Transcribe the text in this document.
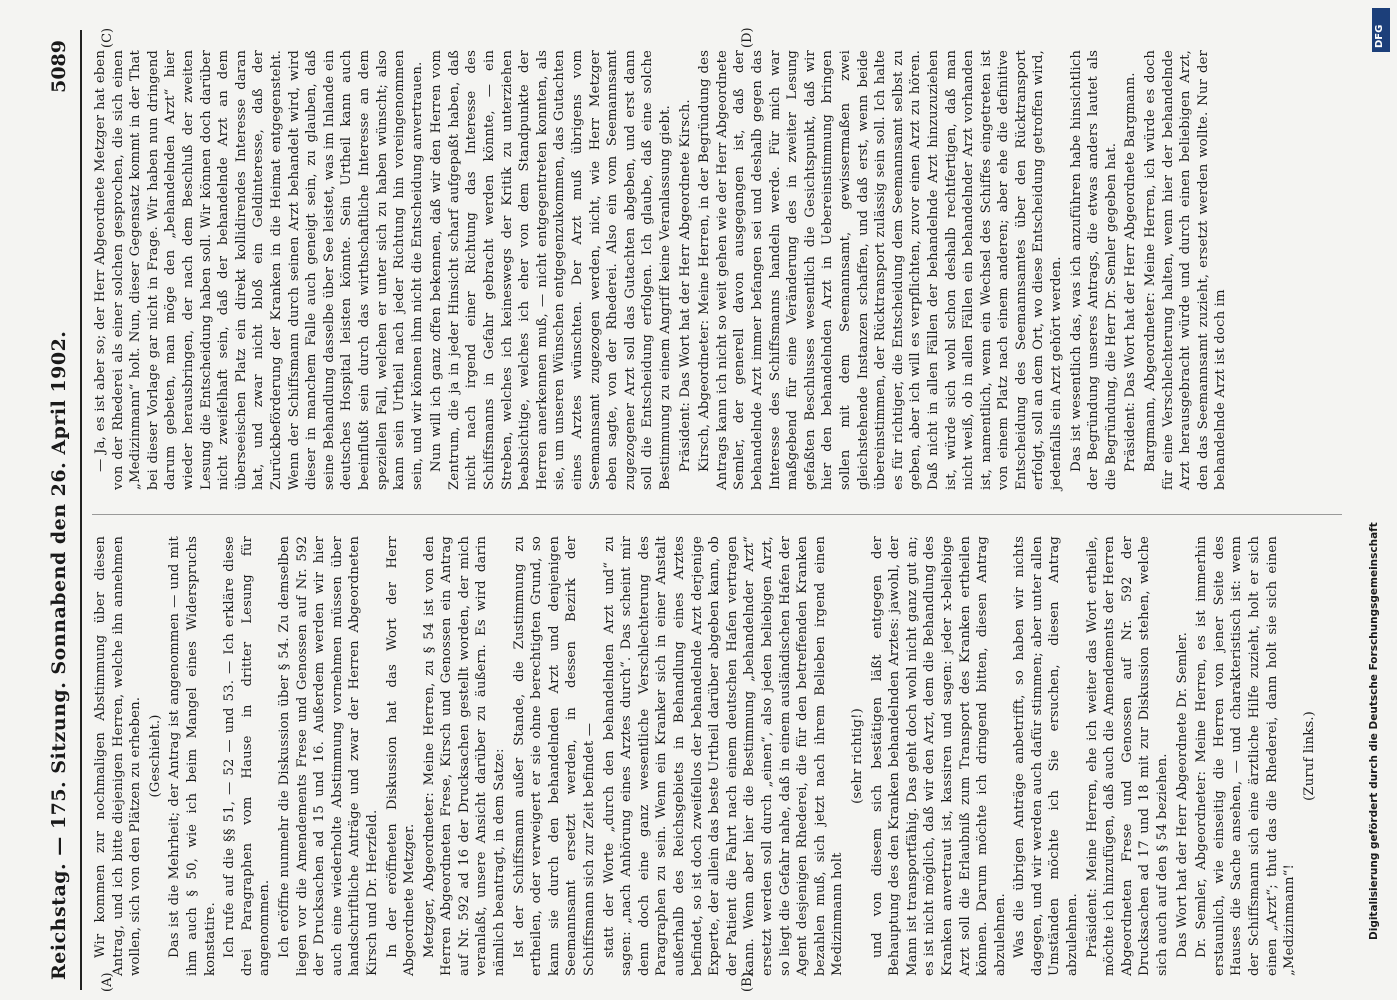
Reichstag. — 175. Sitzung. Sonnabend den 26. April 1902.
5089
(A)	(B)
(C)	(D)

Wir kommen zur nochmaligen Abstimmung über diesen Antrag, und ich bitte diejenigen Herren, welche ihn annehmen wollen, sich von den Plätzen zu erheben. (Geschieht.) Das ist die Mehrheit; der Antrag ist angenommen — und mit ihm auch § 50, wie ich beim Mangel eines Widerspruchs konstatire. Ich rufe auf die §§ 51, — 52 — und 53. — Ich erkläre diese drei Paragraphen vom Hause in dritter Lesung für angenommen. Ich eröffne nunmehr die Diskussion über § 54. Zu demselben liegen vor die Amendements Frese und Genossen auf Nr. 592 der Drucksachen ad 15 und 16. Außerdem werden wir hier auch eine wiederholte Abstimmung vornehmen müssen über handschriftliche Anträge und zwar der Herren Abgeordneten Kirsch und Dr. Herzfeld. In der eröffneten Diskussion hat das Wort der Herr Abgeordnete Metzger. Metzger, Abgeordneter: Meine Herren, zu § 54 ist von den Herren Abgeordneten Frese, Kirsch und Genossen ein Antrag auf Nr. 592 ad 16 der Drucksachen gestellt worden, der mich veranlaßt, unsere Ansicht darüber zu äußern. Es wird darin nämlich beantragt, in dem Satze: Ist der Schiffsmann außer Stande, die Zustimmung zu ertheilen, oder verweigert er sie ohne berechtigten Grund, so kann sie durch den behandelnden Arzt und denjenigen Seemannsamt ersetzt werden, in dessen Bezirk der Schiffsmann sich zur Zeit befindet — statt der Worte „durch den behandelnden Arzt und“ zu sagen: „nach Anhörung eines Arztes durch“. Das scheint mir denn doch eine ganz wesentliche Verschlechterung des Paragraphen zu sein. Wenn ein Kranker sich in einer Anstalt außerhalb des Reichsgebiets in Behandlung eines Arztes befindet, so ist doch zweifellos der behandelnde Arzt derjenige Experte, der allein das beste Urtheil darüber abgeben kann, ob der Patient die Fahrt nach einem deutschen Hafen vertragen kann. Wenn aber hier die Bestimmung „behandelnder Arzt“ ersetzt werden soll durch „einen“, also jeden beliebigen Arzt, so liegt die Gefahr nahe, daß in einem ausländischen Hafen der Agent desjenigen Rhederei, die für den betreffenden Kranken bezahlen muß, sich jetzt nach ihrem Belieben irgend einen Medizinmann holt

(sehr richtig!) und von diesem sich bestätigen läßt entgegen der Behauptung des den Kranken behandelnden Arztes: jawohl, der Mann ist transportfähig. Das geht doch wohl nicht ganz gut an; es ist nicht möglich, daß wir den Arzt, dem die Behandlung des Kranken anvertraut ist, kassiren und sagen: jeder x-beliebige Arzt soll die Erlaubniß zum Transport des Kranken ertheilen können. Darum möchte ich dringend bitten, diesen Antrag abzulehnen. Was die übrigen Anträge anbetrifft, so haben wir nichts dagegen, und wir werden auch dafür stimmen; aber unter allen Umständen möchte ich Sie ersuchen, diesen Antrag abzulehnen. Präsident: Meine Herren, ehe ich weiter das Wort ertheile, möchte ich hinzufügen, daß auch die Amendements der Herren Abgeordneten Frese und Genossen auf Nr. 592 der Drucksachen ad 17 und 18 mit zur Diskussion stehen, welche sich auch auf den § 54 beziehen. Das Wort hat der Herr Abgeordnete Dr. Semler. Dr. Semler, Abgeordneter: Meine Herren, es ist immerhin erstaunlich, wie einseitig die Herren von jener Seite des Hauses die Sache ansehen, — und charakteristisch ist: wenn der Schiffsmann sich eine ärztliche Hilfe zuzieht, holt er sich einen „Arzt“; thut das die Rhederei, dann holt sie sich einen „Medizinmann“!

(Zuruf links.)

— Ja, es ist aber so; der Herr Abgeordnete Metzger hat eben von der Rhederei als einer solchen gesprochen, die sich einen „Medizinmann“ holt. Nun, dieser Gegensatz kommt in der That bei dieser Vorlage gar nicht in Frage. Wir haben nun dringend darum gebeten, man möge den „behandelnden Arzt“ hier wieder herausbringen, der nach dem Beschluß der zweiten Lesung die Entscheidung haben soll. Wir können doch darüber nicht zweifelhaft sein, daß der behandelnde Arzt an dem überseeischen Platz ein direkt kollidirendes Interesse daran hat, und zwar nicht bloß ein Geldinteresse, daß der Zurückbeförderung der Kranken in die Heimat entgegensteht. Wenn der Schiffsmann durch seinen Arzt behandelt wird, wird dieser in manchem Falle auch geneigt sein, zu glauben, daß seine Behandlung dasselbe über See leistet, was im Inlande ein deutsches Hospital leisten könnte. Sein Urtheil kann auch beeinflußt sein durch das wirthschaftliche Interesse an dem speziellen Fall, welchen er unter sich zu haben wünscht; also kann sein Urtheil nach jeder Richtung hin voreingenommen sein, und wir können ihm nicht die Entscheidung anvertrauen. Nun will ich ganz offen bekennen, daß wir den Herren vom Zentrum, die ja in jeder Hinsicht scharf aufgepaßt haben, daß nicht nach irgend einer Richtung das Interesse des Schiffsmanns in Gefahr gebracht werden könnte, — ein Streben, welches ich keineswegs der Kritik zu unterziehen beabsichtige, welches ich eher von dem Standpunkte der Herren anerkennen muß, — nicht entgegentreten konnten, als sie, um unseren Wünschen entgegenzukommen, das Gutachten eines Arztes wünschten. Der Arzt muß übrigens vom Seemannsamt zugezogen werden, nicht, wie Herr Metzger eben sagte, von der Rhederei. Also ein vom Seemannsamt zugezogener Arzt soll das Gutachten abgeben, und erst dann soll die Entscheidung erfolgen. Ich glaube, daß eine solche Bestimmung zu einem Angriff keine Veranlassung giebt. Präsident: Das Wort hat der Herr Abgeordnete Kirsch. Kirsch, Abgeordneter: Meine Herren, in der Begründung des Antrags kann ich nicht so weit gehen wie der Herr Abgeordnete Semler, der generell davon ausgegangen ist, daß der behandelnde Arzt immer befangen sei und deshalb gegen das Interesse des Schiffsmanns handeln werde. Für mich war maßgebend für eine Veränderung des in zweiter Lesung gefaßten Beschlusses wesentlich die Gesichtspunkt, daß wir hier den behandelnden Arzt in Uebereinstimmung bringen sollen mit dem Seemannsamt, gewissermaßen zwei gleichstehende Instanzen schaffen, und daß erst, wenn beide übereinstimmen, der Rücktransport zulässig sein soll. Ich halte es für richtiger, die Entscheidung dem Seemannsamt selbst zu geben, aber ich will es verpflichten, zuvor einen Arzt zu hören. Daß nicht in allen Fällen der behandelnde Arzt hinzuzuziehen ist, würde sich wohl schon deshalb rechtfertigen, daß man nicht weiß, ob in allen Fällen ein behandelnder Arzt vorhanden ist, namentlich, wenn ein Wechsel des Schiffes eingetreten ist von einem Platz nach einem anderen; aber ehe die definitive Entscheidung des Seemannsamtes über den Rücktransport erfolgt, soll an dem Ort, wo diese Entscheidung getroffen wird, jedenfalls ein Arzt gehört werden. Das ist wesentlich das, was ich anzuführen habe hinsichtlich der Begründung unseres Antrags, die etwas anders lautet als die Begründung, die Herr Dr. Semler gegeben hat. Präsident: Das Wort hat der Herr Abgeordnete Bargmann. Bargmann, Abgeordneter: Meine Herren, ich würde es doch für eine Verschlechterung halten, wenn hier der behandelnde Arzt herausgebracht würde und durch einen beliebigen Arzt, den das Seemannsamt zuzieht, ersetzt werden wollte. Nur der behandelnde Arzt ist doch im

DFG
Digitalisierung gefördert durch die Deutsche Forschungsgemeinschaft
